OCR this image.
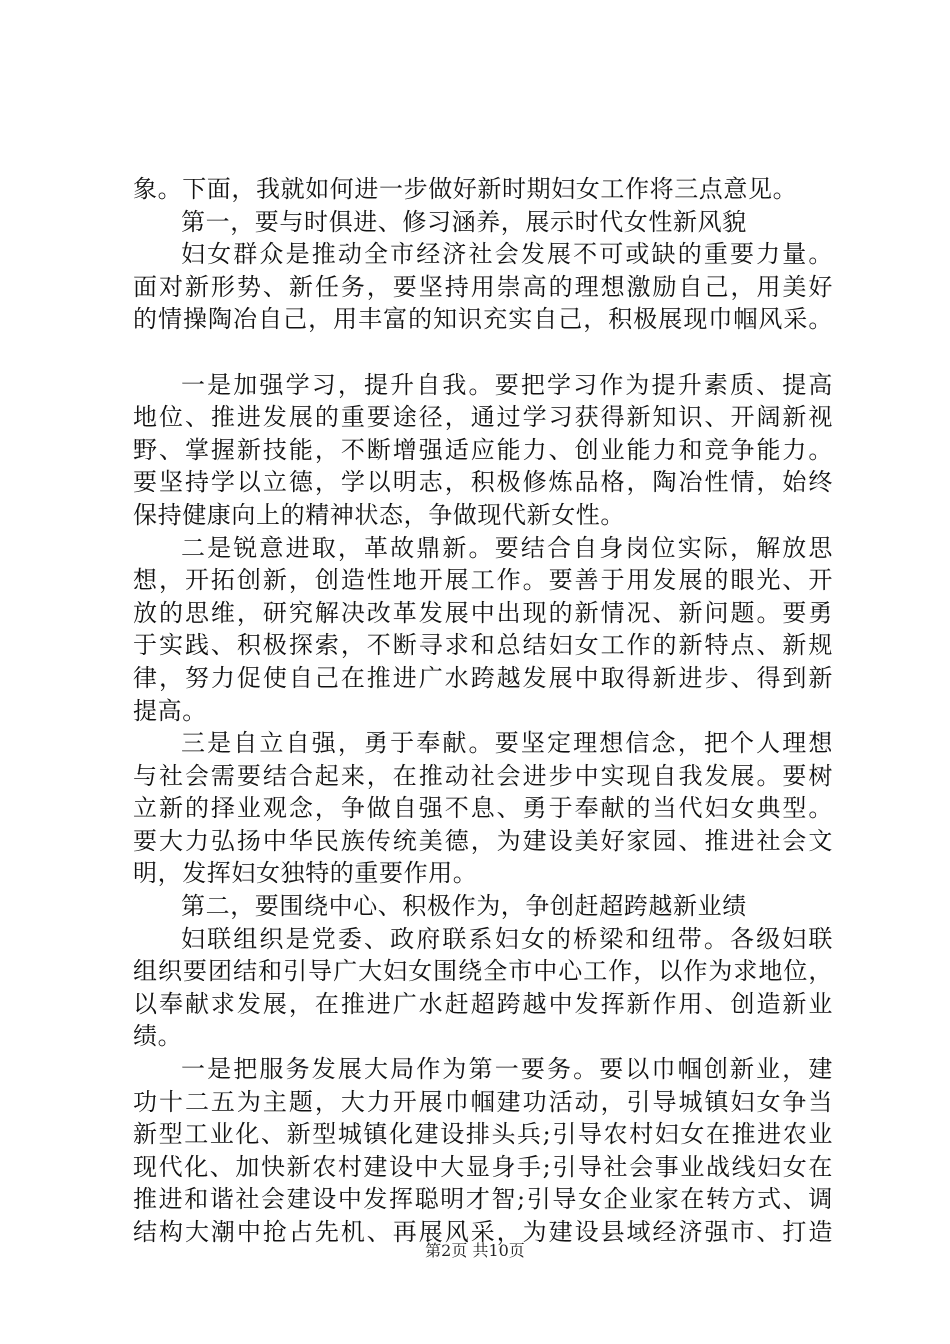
象。下面，我就如何进一步做好新时期妇女工作将三点意见。
第一，要与时俱进、修习涵养，展示时代女性新风貌
妇女群众是推动全市经济社会发展不可或缺的重要力量。
面对新形势、新任务，要坚持用崇高的理想激励自己，用美好
的情操陶冶自己，用丰富的知识充实自己，积极展现巾帼风采。
一是加强学习，提升自我。要把学习作为提升素质、提高
地位、推进发展的重要途径，通过学习获得新知识、开阔新视
野、掌握新技能，不断增强适应能力、创业能力和竞争能力。
要坚持学以立德，学以明志，积极修炼品格，陶冶性情，始终
保持健康向上的精神状态，争做现代新女性。
二是锐意进取，革故鼎新。要结合自身岗位实际，解放思
想，开拓创新，创造性地开展工作。要善于用发展的眼光、开
放的思维，研究解决改革发展中出现的新情况、新问题。要勇
于实践、积极探索，不断寻求和总结妇女工作的新特点、新规
律，努力促使自己在推进广水跨越发展中取得新进步、得到新
提高。
三是自立自强，勇于奉献。要坚定理想信念，把个人理想
与社会需要结合起来，在推动社会进步中实现自我发展。要树
立新的择业观念，争做自强不息、勇于奉献的当代妇女典型。
要大力弘扬中华民族传统美德，为建设美好家园、推进社会文
明，发挥妇女独特的重要作用。
第二，要围绕中心、积极作为，争创赶超跨越新业绩
妇联组织是党委、政府联系妇女的桥梁和纽带。各级妇联
组织要团结和引导广大妇女围绕全市中心工作，以作为求地位，
以奉献求发展，在推进广水赶超跨越中发挥新作用、创造新业
绩。
一是把服务发展大局作为第一要务。要以巾帼创新业，建
功十二五为主题，大力开展巾帼建功活动，引导城镇妇女争当
新型工业化、新型城镇化建设排头兵;引导农村妇女在推进农业
现代化、加快新农村建设中大显身手;引导社会事业战线妇女在
推进和谐社会建设中发挥聪明才智;引导女企业家在转方式、调
结构大潮中抢占先机、再展风采，为建设县域经济强市、打造
第2页 共10页
